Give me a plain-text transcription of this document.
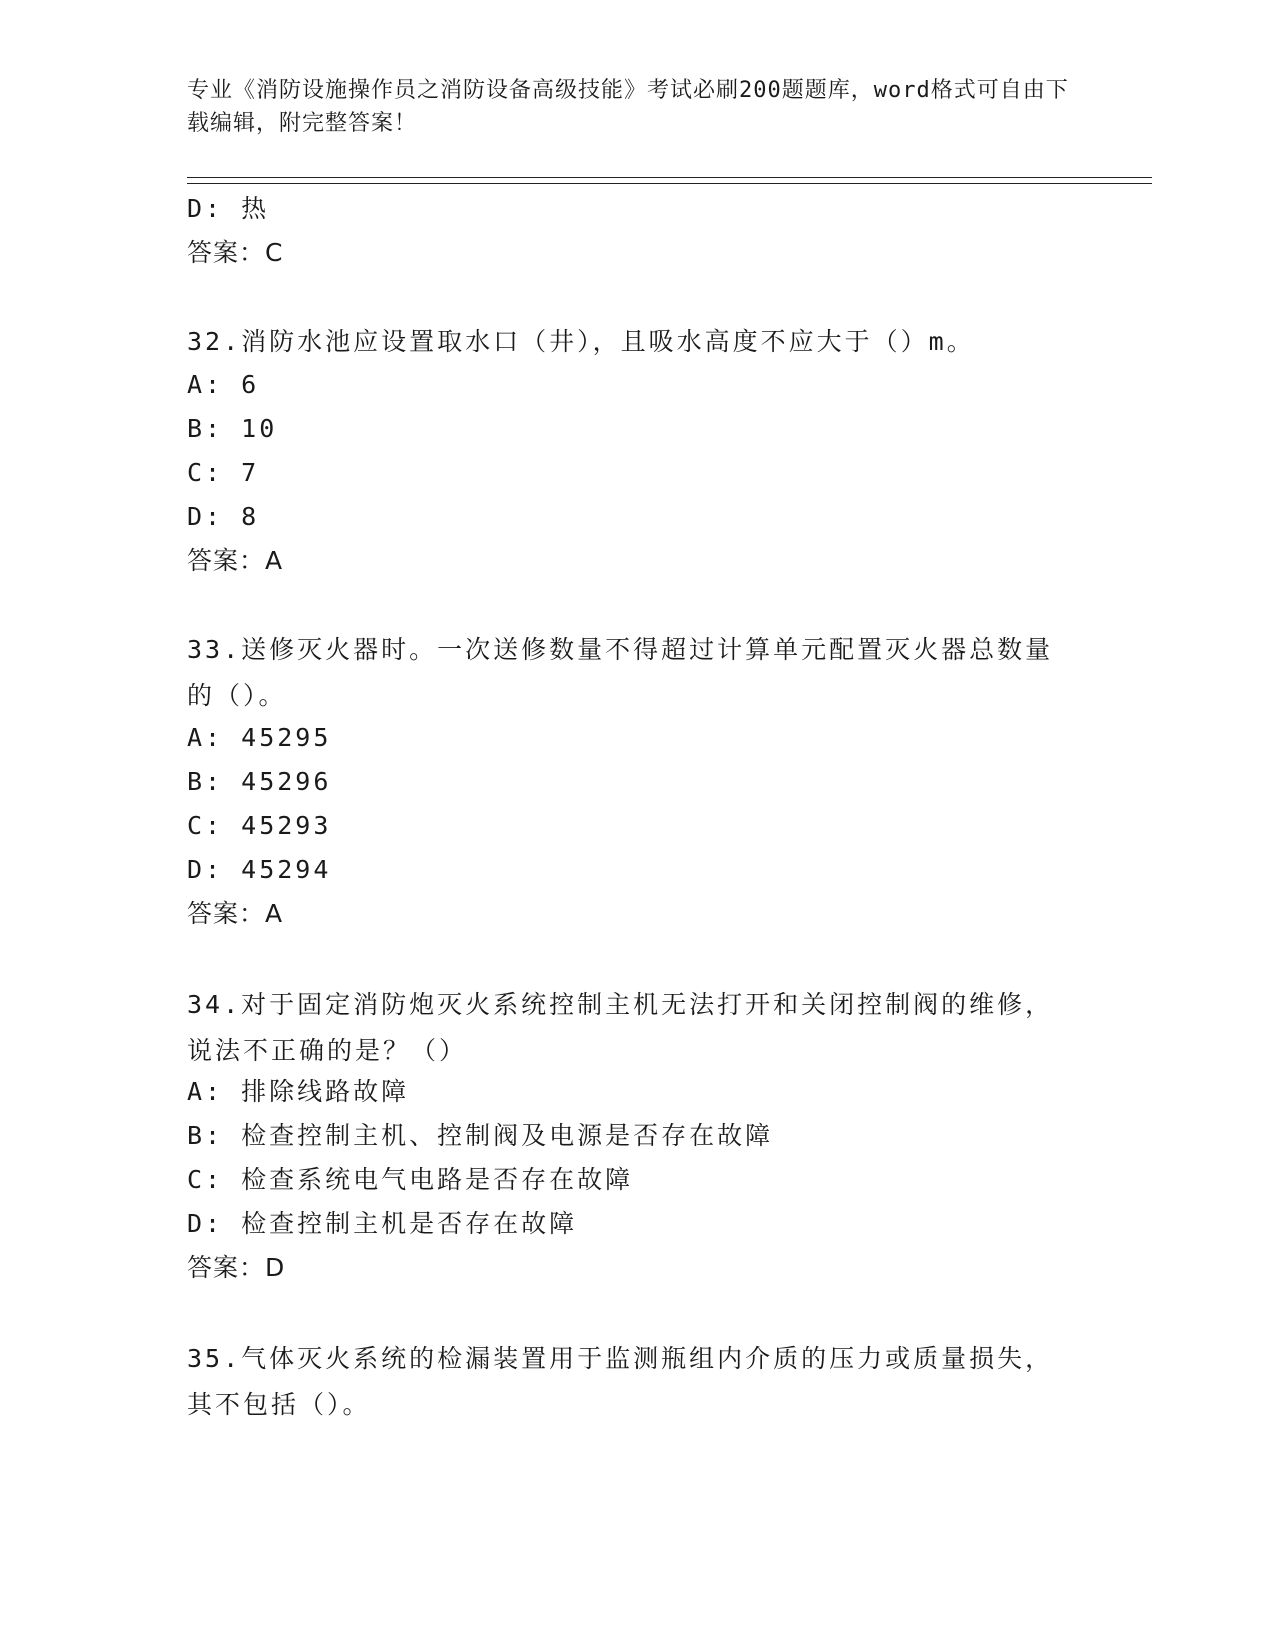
专业《消防设施操作员之消防设备高级技能》考试必刷200题题库，word格式可自由下载编辑，附完整答案！

D: 热
答案：C

32.消防水池应设置取水口（井），且吸水高度不应大于（）m。

A: 6
B: 10
C: 7
D: 8
答案：A

33.送修灭火器时。一次送修数量不得超过计算单元配置灭火器总数量的（）。

A: 45295
B: 45296
C: 45293
D: 45294
答案：A

34.对于固定消防炮灭火系统控制主机无法打开和关闭控制阀的维修，说法不正确的是？（）

A: 排除线路故障
B: 检查控制主机、控制阀及电源是否存在故障
C: 检查系统电气电路是否存在故障
D: 检查控制主机是否存在故障
答案：D

35.气体灭火系统的检漏装置用于监测瓶组内介质的压力或质量损失，其不包括（）。
